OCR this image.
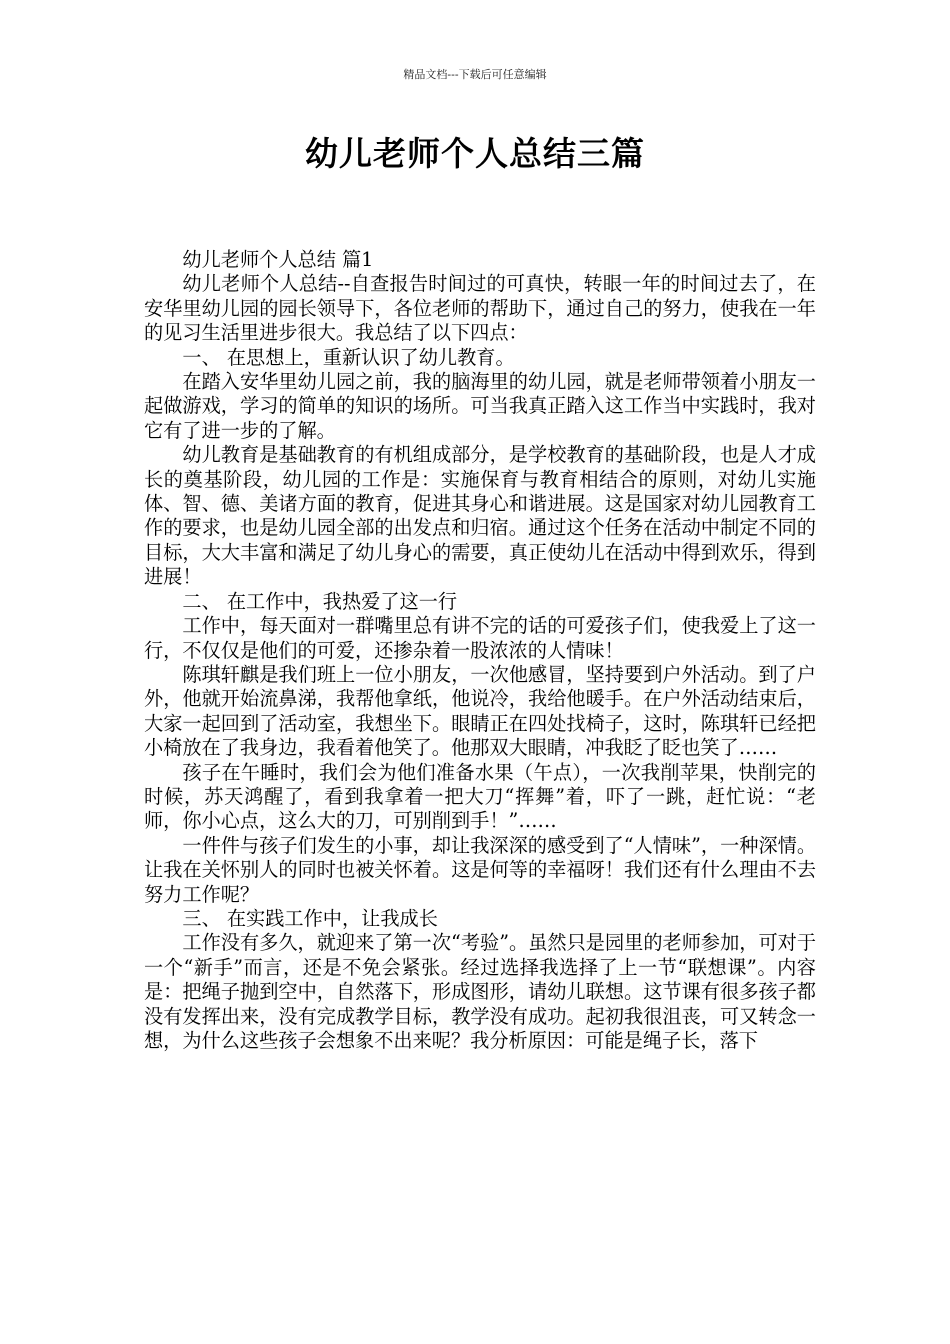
精品文档---下载后可任意编辑
幼儿老师个人总结三篇

幼儿老师个人总结 篇1

幼儿老师个人总结--自查报告时间过的可真快，转眼一年的时间过去了，在安华里幼儿园的园长领导下，各位老师的帮助下，通过自己的努力，使我在一年的见习生活里进步很大。我总结了以下四点：

一、 在思想上，重新认识了幼儿教育。

在踏入安华里幼儿园之前，我的脑海里的幼儿园，就是老师带领着小朋友一起做游戏，学习的简单的知识的场所。可当我真正踏入这工作当中实践时，我对它有了进一步的了解。

幼儿教育是基础教育的有机组成部分，是学校教育的基础阶段，也是人才成长的奠基阶段，幼儿园的工作是：实施保育与教育相结合的原则，对幼儿实施体、智、德、美诸方面的教育，促进其身心和谐进展。这是国家对幼儿园教育工作的要求，也是幼儿园全部的出发点和归宿。通过这个任务在活动中制定不同的目标，大大丰富和满足了幼儿身心的需要，真正使幼儿在活动中得到欢乐，得到进展！

二、 在工作中，我热爱了这一行

工作中，每天面对一群嘴里总有讲不完的话的可爱孩子们，使我爱上了这一行，不仅仅是他们的可爱，还掺杂着一股浓浓的人情味！

陈琪轩麒是我们班上一位小朋友，一次他感冒，坚持要到户外活动。到了户外，他就开始流鼻涕，我帮他拿纸，他说冷，我给他暖手。在户外活动结束后，大家一起回到了活动室，我想坐下。眼睛正在四处找椅子，这时，陈琪轩已经把小椅放在了我身边，我看着他笑了。他那双大眼睛，冲我眨了眨也笑了……

孩子在午睡时，我们会为他们准备水果（午点），一次我削苹果，快削完的时候，苏天鸿醒了，看到我拿着一把大刀“挥舞”着，吓了一跳，赶忙说：“老师，你小心点，这么大的刀，可别削到手！”……

一件件与孩子们发生的小事，却让我深深的感受到了“人情味”，一种深情。让我在关怀别人的同时也被关怀着。这是何等的幸福呀！我们还有什么理由不去努力工作呢？

三、 在实践工作中，让我成长

工作没有多久，就迎来了第一次“考验”。虽然只是园里的老师参加，可对于一个“新手”而言，还是不免会紧张。经过选择我选择了上一节“联想课”。内容是：把绳子抛到空中，自然落下，形成图形，请幼儿联想。这节课有很多孩子都没有发挥出来，没有完成教学目标，教学没有成功。起初我很沮丧，可又转念一想，为什么这些孩子会想象不出来呢？我分析原因：可能是绳子长，落下
